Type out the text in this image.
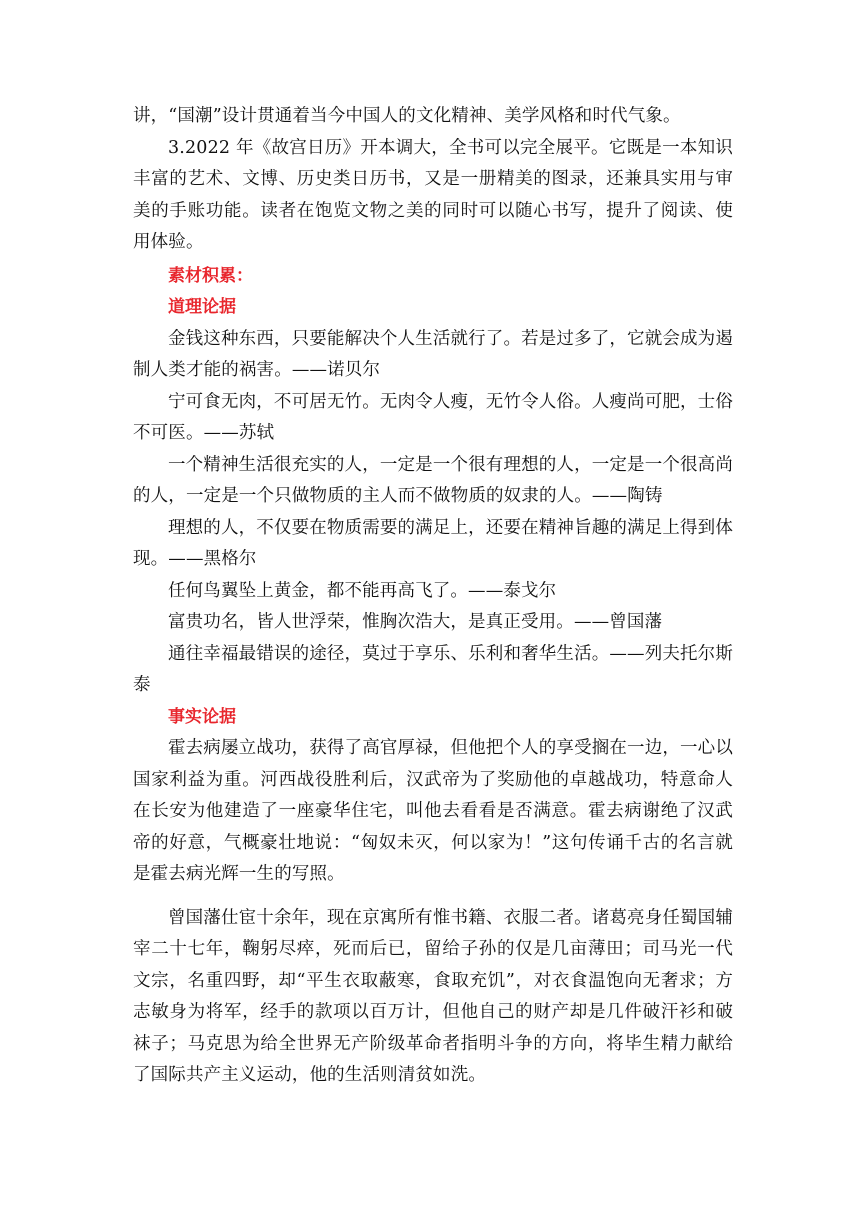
讲，“国潮”设计贯通着当今中国人的文化精神、美学风格和时代气象。

3.2022 年《故宫日历》开本调大，全书可以完全展平。它既是一本知识丰富的艺术、文博、历史类日历书，又是一册精美的图录，还兼具实用与审美的手账功能。读者在饱览文物之美的同时可以随心书写，提升了阅读、使用体验。

素材积累：

道理论据

金钱这种东西，只要能解决个人生活就行了。若是过多了，它就会成为遏制人类才能的祸害。——诺贝尔

宁可食无肉，不可居无竹。无肉令人瘦，无竹令人俗。人瘦尚可肥，士俗不可医。——苏轼

一个精神生活很充实的人，一定是一个很有理想的人，一定是一个很高尚的人，一定是一个只做物质的主人而不做物质的奴隶的人。——陶铸

理想的人，不仅要在物质需要的满足上，还要在精神旨趣的满足上得到体现。——黑格尔

任何鸟翼坠上黄金，都不能再高飞了。——泰戈尔

富贵功名，皆人世浮荣，惟胸次浩大，是真正受用。——曾国藩

通往幸福最错误的途径，莫过于享乐、乐利和奢华生活。——列夫托尔斯泰

事实论据

霍去病屡立战功，获得了高官厚禄，但他把个人的享受搁在一边，一心以国家利益为重。河西战役胜利后，汉武帝为了奖励他的卓越战功，特意命人在长安为他建造了一座豪华住宅，叫他去看看是否满意。霍去病谢绝了汉武帝的好意，气概豪壮地说：“匈奴未灭，何以家为！”这句传诵千古的名言就是霍去病光辉一生的写照。

曾国藩仕宦十余年，现在京寓所有惟书籍、衣服二者。诸葛亮身任蜀国辅宰二十七年，鞠躬尽瘁，死而后已，留给子孙的仅是几亩薄田；司马光一代文宗，名重四野，却“平生衣取蔽寒，食取充饥”，对衣食温饱向无奢求；方志敏身为将军，经手的款项以百万计，但他自己的财产却是几件破汗衫和破袜子；马克思为给全世界无产阶级革命者指明斗争的方向，将毕生精力献给了国际共产主义运动，他的生活则清贫如洗。
